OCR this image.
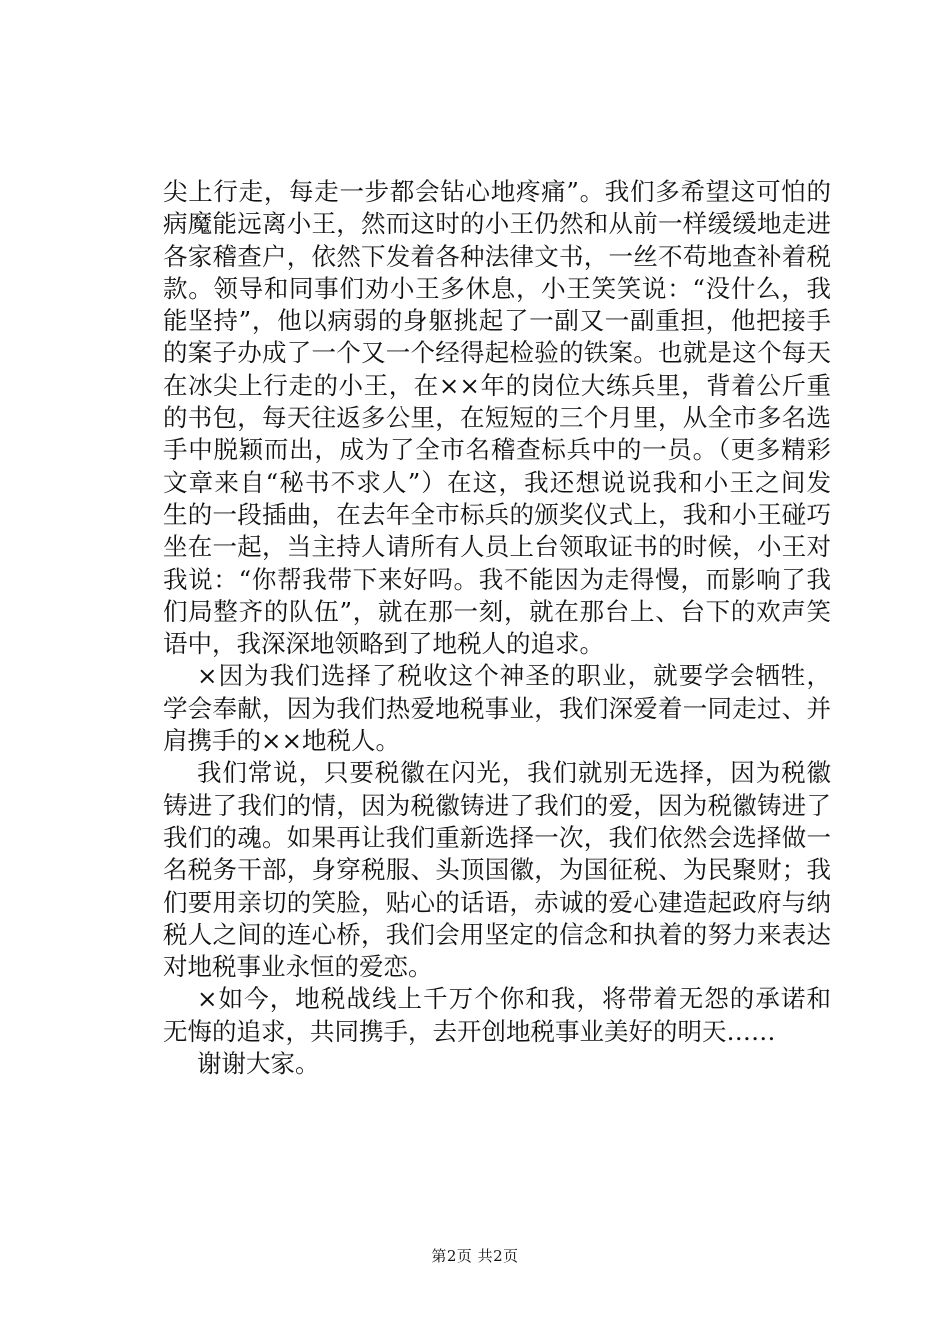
尖上行走，每走一步都会钻心地疼痛”。我们多希望这可怕的
病魔能远离小王，然而这时的小王仍然和从前一样缓缓地走进
各家稽查户，依然下发着各种法律文书，一丝不苟地查补着税
款。领导和同事们劝小王多休息，小王笑笑说：“没什么，我
能坚持”，他以病弱的身躯挑起了一副又一副重担，他把接手
的案子办成了一个又一个经得起检验的铁案。也就是这个每天
在冰尖上行走的小王，在××年的岗位大练兵里，背着公斤重
的书包，每天往返多公里，在短短的三个月里，从全市多名选
手中脱颖而出，成为了全市名稽查标兵中的一员。（更多精彩
文章来自“秘书不求人”）在这，我还想说说我和小王之间发
生的一段插曲，在去年全市标兵的颁奖仪式上，我和小王碰巧
坐在一起，当主持人请所有人员上台领取证书的时候，小王对
我说：“你帮我带下来好吗。我不能因为走得慢，而影响了我
们局整齐的队伍”，就在那一刻，就在那台上、台下的欢声笑
语中，我深深地领略到了地税人的追求。
×因为我们选择了税收这个神圣的职业，就要学会牺牲，
学会奉献，因为我们热爱地税事业，我们深爱着一同走过、并
肩携手的××地税人。
我们常说，只要税徽在闪光，我们就别无选择，因为税徽
铸进了我们的情，因为税徽铸进了我们的爱，因为税徽铸进了
我们的魂。如果再让我们重新选择一次，我们依然会选择做一
名税务干部，身穿税服、头顶国徽，为国征税、为民聚财；我
们要用亲切的笑脸，贴心的话语，赤诚的爱心建造起政府与纳
税人之间的连心桥，我们会用坚定的信念和执着的努力来表达
对地税事业永恒的爱恋。
×如今，地税战线上千万个你和我，将带着无怨的承诺和
无悔的追求，共同携手，去开创地税事业美好的明天……
谢谢大家。
第2页 共2页
